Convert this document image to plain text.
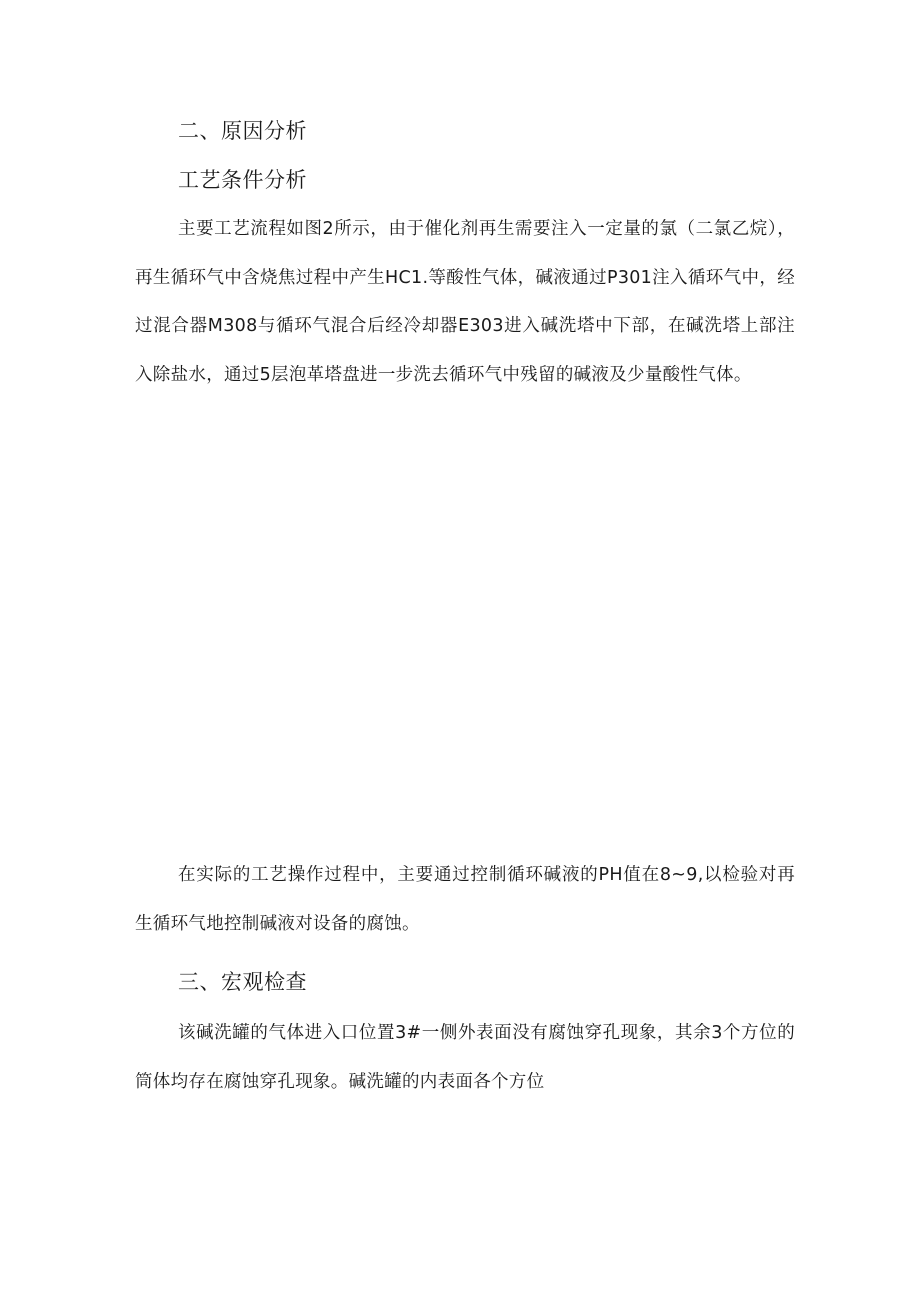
二、原因分析
工艺条件分析
主要工艺流程如图2所示，由于催化剂再生需要注入一定量的氯（二氯乙烷），再生循环气中含烧焦过程中产生HC1.等酸性气体，碱液通过P301注入循环气中，经过混合器M308与循环气混合后经冷却器E303进入碱洗塔中下部，在碱洗塔上部注入除盐水，通过5层泡革塔盘进一步洗去循环气中残留的碱液及少量酸性气体。
在实际的工艺操作过程中，主要通过控制循环碱液的PH值在8~9,以检验对再生循环气地控制碱液对设备的腐蚀。
三、宏观检查
该碱洗罐的气体进入口位置3#一侧外表面没有腐蚀穿孔现象，其余3个方位的筒体均存在腐蚀穿孔现象。碱洗罐的内表面各个方位
